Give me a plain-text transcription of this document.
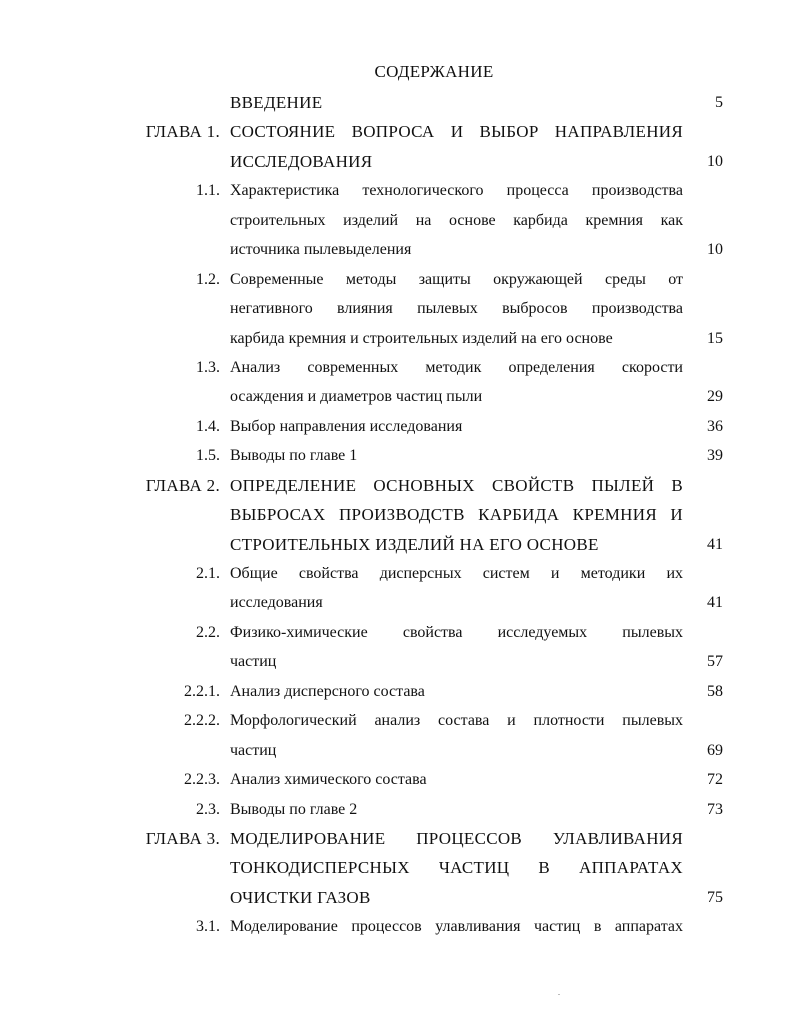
СОДЕРЖАНИЕ
ВВЕДЕНИЕ	5
ГЛАВА 1. СОСТОЯНИЕ ВОПРОСА И ВЫБОР НАПРАВЛЕНИЯ
ИССЛЕДОВАНИЯ	10
1.1. Характеристика технологического процесса производства
строительных изделий на основе карбида кремния как
источника пылевыделения	10
1.2. Современные методы защиты окружающей среды от
негативного влияния пылевых выбросов производства
карбида кремния и строительных изделий на его основе	15
1.3. Анализ современных методик определения скорости
осаждения и диаметров частиц пыли	29
1.4. Выбор направления исследования	36
1.5. Выводы по главе 1	39
ГЛАВА 2. ОПРЕДЕЛЕНИЕ ОСНОВНЫХ СВОЙСТВ ПЫЛЕЙ В
ВЫБРОСАХ ПРОИЗВОДСТВ КАРБИДА КРЕМНИЯ И
СТРОИТЕЛЬНЫХ ИЗДЕЛИЙ НА ЕГО ОСНОВЕ	41
2.1. Общие свойства дисперсных систем и методики их
исследования	41
2.2. Физико-химические свойства исследуемых пылевых
частиц	57
2.2.1. Анализ дисперсного состава	58
2.2.2. Морфологический анализ состава и плотности пылевых
частиц	69
2.2.3. Анализ химического состава	72
2.3. Выводы по главе 2	73
ГЛАВА 3. МОДЕЛИРОВАНИЕ ПРОЦЕССОВ УЛАВЛИВАНИЯ
ТОНКОДИСПЕРСНЫХ ЧАСТИЦ В АППАРАТАХ
ОЧИСТКИ ГАЗОВ	75
3.1. Моделирование процессов улавливания частиц в аппаратах
